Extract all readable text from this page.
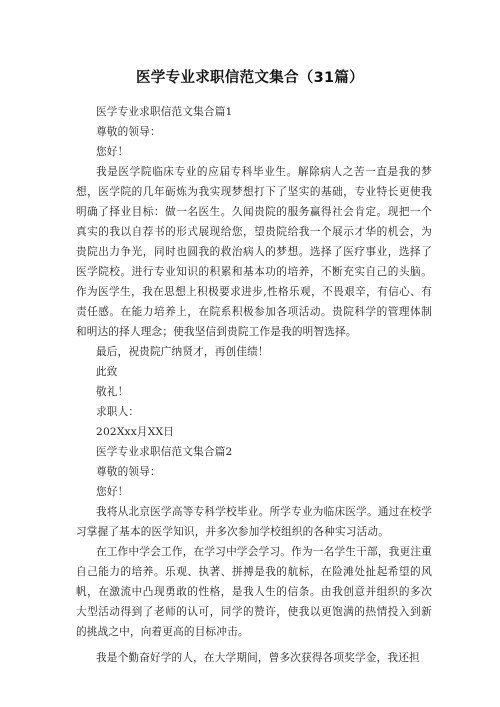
医学专业求职信范文集合（31篇）

医学专业求职信范文集合篇1

尊敬的领导：

您好！

我是医学院临床专业的应届专科毕业生。解除病人之苦一直是我的梦想，医学院的几年砺炼为我实现梦想打下了坚实的基础，专业特长更使我明确了择业目标：做一名医生。久闻贵院的服务赢得社会肯定。现把一个真实的我以自荐书的形式展现给您，望贵院给我一个展示才华的机会，为贵院出力争光，同时也圆我的救治病人的梦想。选择了医疗事业，选择了医学院校。进行专业知识的积累和基本功的培养，不断充实自己的头脑。作为医学生，我在思想上积极要求进步,性格乐观，不畏艰辛，有信心、有责任感。在能力培养上，在院系积极参加各项活动。贵院科学的管理体制和明达的择人理念；使我坚信到贵院工作是我的明智选择。

最后，祝贵院广纳贤才，再创佳绩！

此致

敬礼！

求职人：

202Xxx月XX日

医学专业求职信范文集合篇2

尊敬的领导：

您好！

我将从北京医学高等专科学校毕业。所学专业为临床医学。通过在校学习掌握了基本的医学知识，并多次参加学校组织的各种实习活动。

在工作中学会工作，在学习中学会学习。作为一名学生干部，我更注重自己能力的培养。乐观、执著、拼搏是我的航标，在险滩处扯起希望的风帆，在激流中凸现勇敢的性格，是我人生的信条。由我创意并组织的多次大型活动得到了老师的认可，同学的赞许，使我以更饱满的热情投入到新的挑战之中，向着更高的目标冲击。

我是个勤奋好学的人，在大学期间，曾多次获得各项奖学金，我还担
